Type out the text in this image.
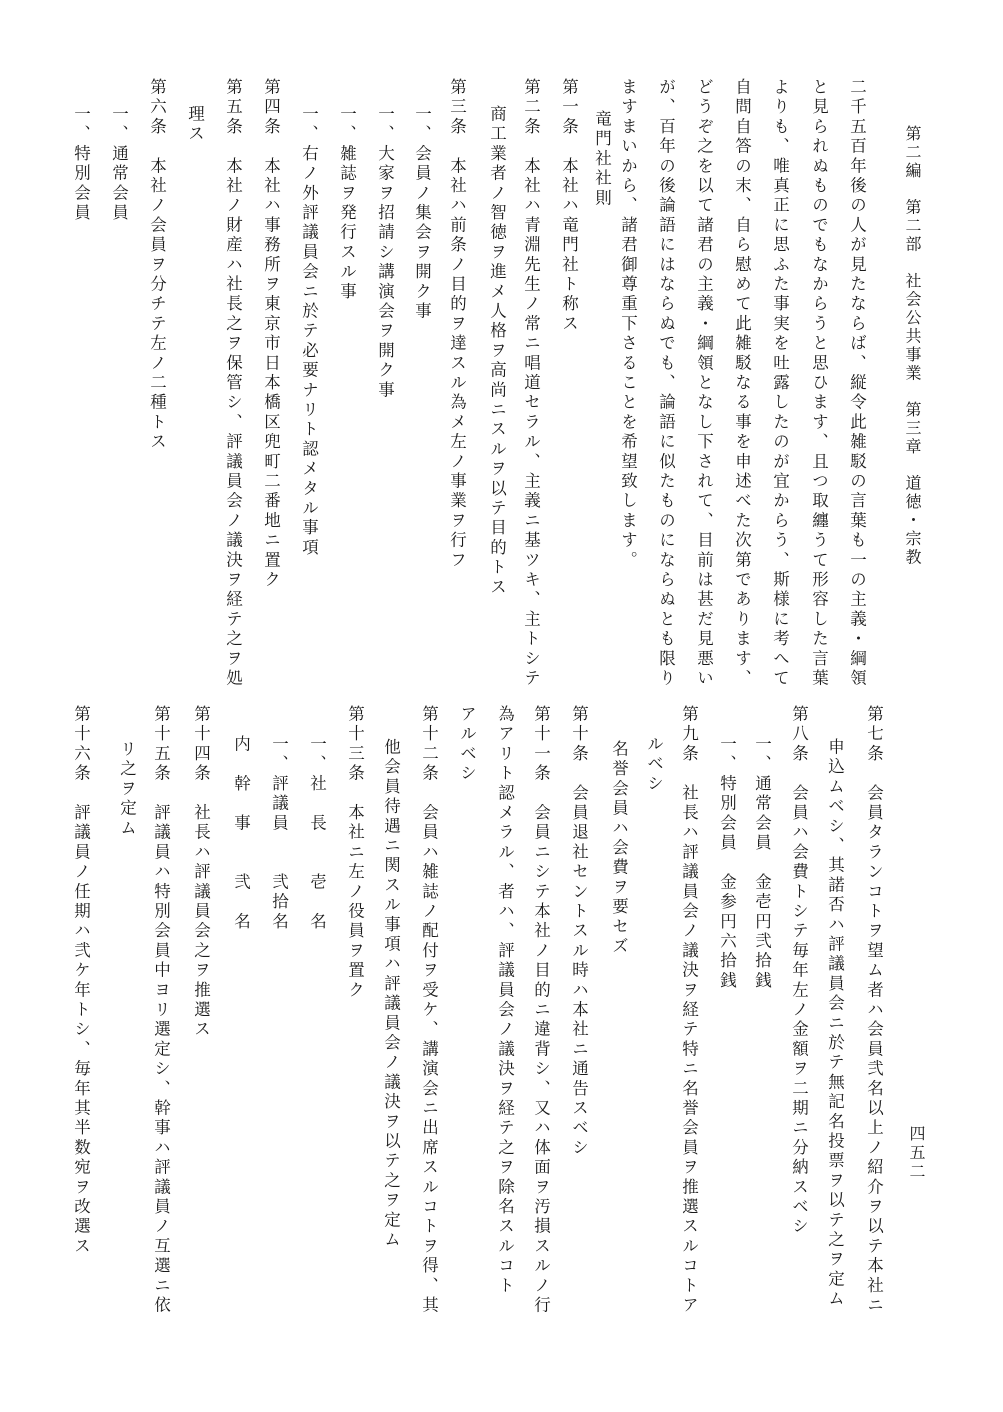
第二編　第二部　社会公共事業　第三章　道徳・宗教
四五二
二千五百年後の人が見たならば、縦令此雑駁の言葉も一の主義・綱領
と見られぬものでもなからうと思ひます、且つ取纏うて形容した言葉
よりも、唯真正に思ふた事実を吐露したのが宜からう、斯様に考へて
自問自答の末、自ら慰めて此雑駁なる事を申述べた次第であります、
どうぞ之を以て諸君の主義・綱領となし下されて、目前は甚だ見悪い
が、百年の後論語にはならぬでも、論語に似たものにならぬとも限り
ますまいから、諸君御尊重下さることを希望致します。
竜門社社則
第一条　本社ハ竜門社ト称ス
第二条　本社ハ青淵先生ノ常ニ唱道セラル、主義ニ基ツキ、主トシテ
商工業者ノ智徳ヲ進メ人格ヲ高尚ニスルヲ以テ目的トス
第三条　本社ハ前条ノ目的ヲ達スル為メ左ノ事業ヲ行フ
一、会員ノ集会ヲ開ク事
一、大家ヲ招請シ講演会ヲ開ク事
一、雑誌ヲ発行スル事
一、右ノ外評議員会ニ於テ必要ナリト認メタル事項
第四条　本社ハ事務所ヲ東京市日本橋区兜町二番地ニ置ク
第五条　本社ノ財産ハ社長之ヲ保管シ、評議員会ノ議決ヲ経テ之ヲ処
理ス
第六条　本社ノ会員ヲ分チテ左ノ二種トス
一、通常会員
一、特別会員
第七条　会員タランコトヲ望ム者ハ会員弐名以上ノ紹介ヲ以テ本社ニ
申込ムベシ、其諾否ハ評議員会ニ於テ無記名投票ヲ以テ之ヲ定ム
第八条　会員ハ会費トシテ毎年左ノ金額ヲ二期ニ分納スベシ
一、通常会員　金壱円弐拾銭
一、特別会員　金参円六拾銭
第九条　社長ハ評議員会ノ議決ヲ経テ特ニ名誉会員ヲ推選スルコトア
ルベシ
名誉会員ハ会費ヲ要セズ
第十条　会員退社セントスル時ハ本社ニ通告スベシ
第十一条　会員ニシテ本社ノ目的ニ違背シ、又ハ体面ヲ汚損スルノ行
為アリト認メラル、者ハ、評議員会ノ議決ヲ経テ之ヲ除名スルコト
アルベシ
第十二条　会員ハ雑誌ノ配付ヲ受ケ、講演会ニ出席スルコトヲ得、其
他会員待遇ニ関スル事項ハ評議員会ノ議決ヲ以テ之ヲ定ム
第十三条　本社ニ左ノ役員ヲ置ク
一、社　長　　壱　名
一、評議員　　弐拾名
内　幹　事　　弐　名
第十四条　社長ハ評議員会之ヲ推選ス
第十五条　評議員ハ特別会員中ヨリ選定シ、幹事ハ評議員ノ互選ニ依
リ之ヲ定ム
第十六条　評議員ノ任期ハ弐ケ年トシ、毎年其半数宛ヲ改選ス
